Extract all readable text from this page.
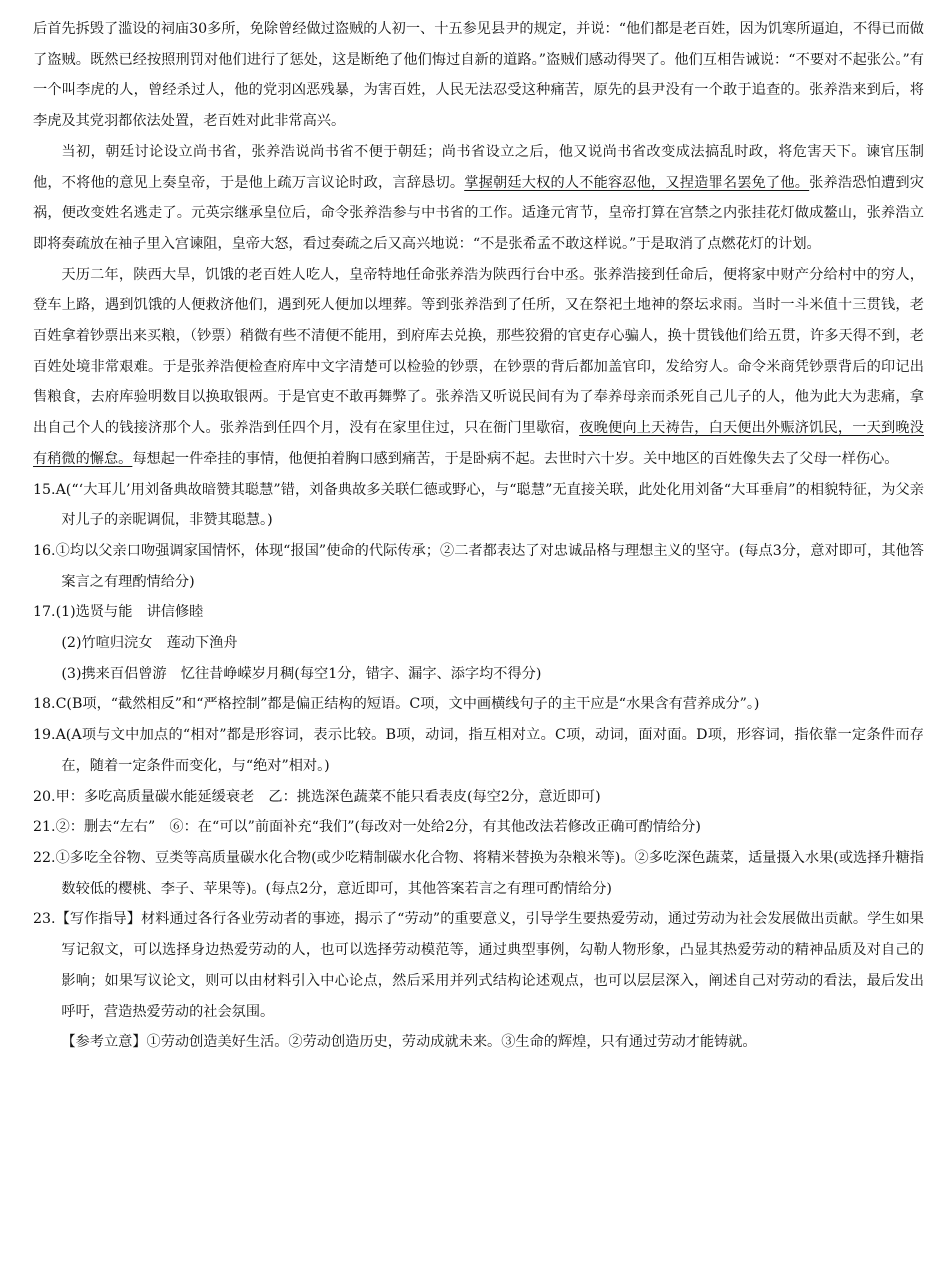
后首先拆毁了滥设的祠庙30多所，免除曾经做过盗贼的人初一、十五参见县尹的规定，并说：“他们都是老百姓，因为饥寒所逼迫，不得已而做了盗贼。既然已经按照刑罚对他们进行了惩处，这是断绝了他们悔过自新的道路。”盗贼们感动得哭了。他们互相告诫说：“不要对不起张公。”有一个叫李虎的人，曾经杀过人，他的党羽凶恶残暴，为害百姓，人民无法忍受这种痛苦，原先的县尹没有一个敢于追查的。张养浩来到后，将李虎及其党羽都依法处置，老百姓对此非常高兴。

当初，朝廷讨论设立尚书省，张养浩说尚书省不便于朝廷；尚书省设立之后，他又说尚书省改变成法搞乱时政，将危害天下。谏官压制他，不将他的意见上奏皇帝，于是他上疏万言议论时政，言辞恳切。掌握朝廷大权的人不能容忍他，又捏造罪名罢免了他。张养浩恐怕遭到灾祸，便改变姓名逃走了。元英宗继承皇位后，命令张养浩参与中书省的工作。适逢元宵节，皇帝打算在宫禁之内张挂花灯做成鳌山，张养浩立即将奏疏放在袖子里入宫谏阻，皇帝大怒，看过奏疏之后又高兴地说：“不是张希孟不敢这样说。”于是取消了点燃花灯的计划。

天历二年，陕西大旱，饥饿的老百姓人吃人，皇帝特地任命张养浩为陕西行台中丞。张养浩接到任命后，便将家中财产分给村中的穷人，登车上路，遇到饥饿的人便救济他们，遇到死人便加以埋葬。等到张养浩到了任所，又在祭祀土地神的祭坛求雨。当时一斗米值十三贯钱，老百姓拿着钞票出来买粮，（钞票）稍微有些不清便不能用，到府库去兑换，那些狡猾的官吏存心骗人，换十贯钱他们给五贯，许多天得不到，老百姓处境非常艰难。于是张养浩便检查府库中文字清楚可以检验的钞票，在钞票的背后都加盖官印，发给穷人。命令米商凭钞票背后的印记出售粮食，去府库验明数目以换取银两。于是官吏不敢再舞弊了。张养浩又听说民间有为了奉养母亲而杀死自己儿子的人，他为此大为悲痛，拿出自己个人的钱接济那个人。张养浩到任四个月，没有在家里住过，只在衙门里歇宿，夜晚便向上天祷告，白天便出外赈济饥民，一天到晚没有稍微的懈怠。每想起一件牵挂的事情，他便拍着胸口感到痛苦，于是卧病不起。去世时六十岁。关中地区的百姓像失去了父母一样伤心。

15.A(“‘大耳儿’用刘备典故暗赞其聪慧”错，刘备典故多关联仁德或野心，与“聪慧”无直接关联，此处化用刘备“大耳垂肩”的相貌特征，为父亲对儿子的亲昵调侃，非赞其聪慧。)

16.①均以父亲口吻强调家国情怀，体现“报国”使命的代际传承；②二者都表达了对忠诚品格与理想主义的坚守。(每点3分，意对即可，其他答案言之有理酌情给分)

17.(1)选贤与能　讲信修睦

(2)竹喧归浣女　莲动下渔舟

(3)携来百侣曾游　忆往昔峥嵘岁月稠(每空1分，错字、漏字、添字均不得分)

18.C(B项，“截然相反”和“严格控制”都是偏正结构的短语。C项，文中画横线句子的主干应是“水果含有营养成分”。)

19.A(A项与文中加点的“相对”都是形容词，表示比较。B项，动词，指互相对立。C项，动词，面对面。D项，形容词，指依靠一定条件而存在，随着一定条件而变化，与“绝对”相对。)

20.甲：多吃高质量碳水能延缓衰老　乙：挑选深色蔬菜不能只看表皮(每空2分，意近即可)

21.②：删去“左右”　⑥：在“可以”前面补充“我们”(每改对一处给2分，有其他改法若修改正确可酌情给分)

22.①多吃全谷物、豆类等高质量碳水化合物(或少吃精制碳水化合物、将精米替换为杂粮米等)。②多吃深色蔬菜，适量摄入水果(或选择升糖指数较低的樱桃、李子、苹果等)。(每点2分，意近即可，其他答案若言之有理可酌情给分)

23.【写作指导】材料通过各行各业劳动者的事迹，揭示了“劳动”的重要意义，引导学生要热爱劳动，通过劳动为社会发展做出贡献。学生如果写记叙文，可以选择身边热爱劳动的人，也可以选择劳动模范等，通过典型事例，勾勒人物形象，凸显其热爱劳动的精神品质及对自己的影响；如果写议论文，则可以由材料引入中心论点，然后采用并列式结构论述观点，也可以层层深入，阐述自己对劳动的看法，最后发出呼吁，营造热爱劳动的社会氛围。

【参考立意】①劳动创造美好生活。②劳动创造历史，劳动成就未来。③生命的辉煌，只有通过劳动才能铸就。
